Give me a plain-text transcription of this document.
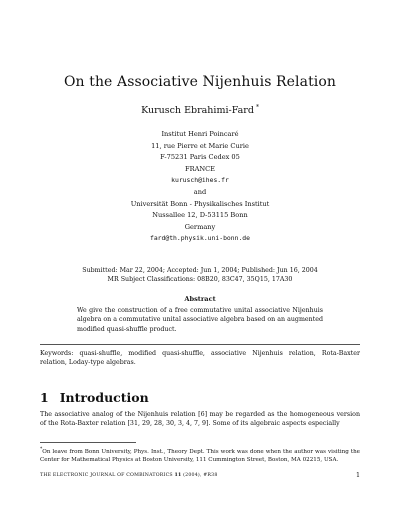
On the Associative Nijenhuis Relation
Kurusch Ebrahimi-Fard *
Institut Henri Poincaré
11, rue Pierre et Marie Curie
F-75231 Paris Cedex 05
FRANCE
kurusch@ihes.fr
and
Universität Bonn - Physikalisches Institut
Nussallee 12, D-53115 Bonn
Germany
fard@th.physik.uni-bonn.de
Submitted: Mar 22, 2004; Accepted: Jun 1, 2004; Published: Jun 16, 2004
MR Subject Classifications: 08B20, 83C47, 35Q15, 17A30
Abstract
We give the construction of a free commutative unital associative Nijenhuis algebra on a commutative unital associative algebra based on an augmented modified quasi-shuffle product.
Keywords: quasi-shuffle, modified quasi-shuffle, associative Nijenhuis relation, Rota-Baxter relation, Loday-type algebras.
1 Introduction
The associative analog of the Nijenhuis relation [6] may be regarded as the homogeneous version of the Rota-Baxter relation [31, 29, 28, 30, 3, 4, 7, 9]. Some of its algebraic aspects especially
*On leave from Bonn University, Phys. Inst., Theory Dept. This work was done when the author was visiting the Center for Mathematical Physics at Boston University, 111 Cummington Street, Boston, MA 02215, USA.
THE ELECTRONIC JOURNAL OF COMBINATORICS 11 (2004), #R38	1
